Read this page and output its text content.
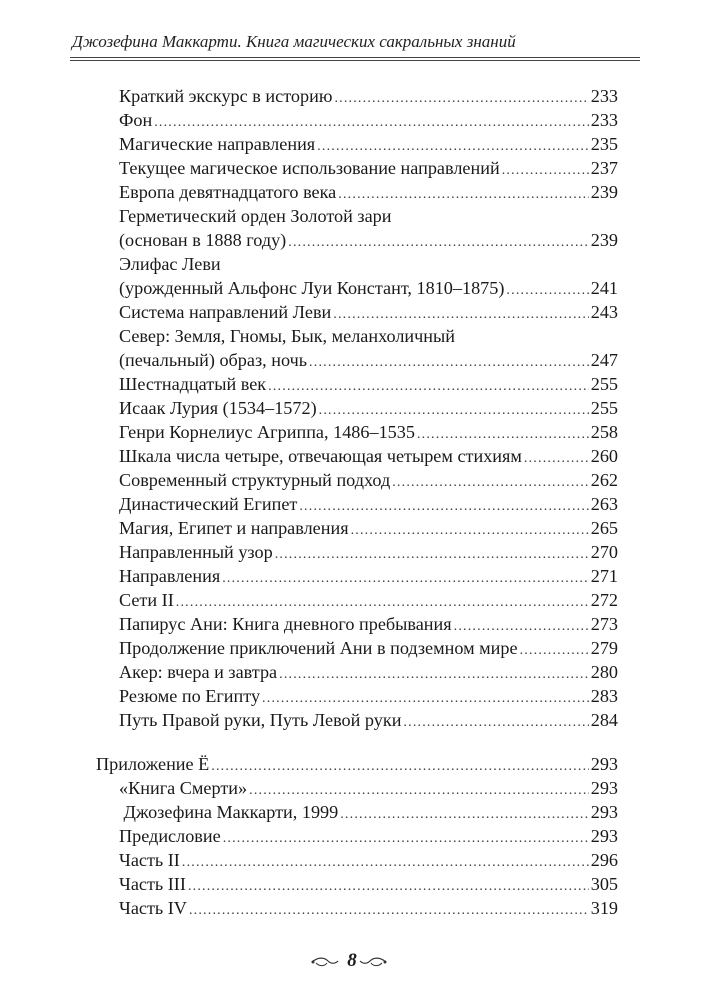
Джозефина Маккарти. Книга магических сакральных знаний
Краткий экскурс в историю .....	233
Фон .....	233
Магические направления .....	235
Текущее магическое использование направлений .....	237
Европа девятнадцатого века .....	239
Герметический орден Золотой зари
(основан в 1888 году) .....	239
Элифас Леви
(урожденный Альфонс Луи Констант, 1810–1875) .....	241
Система направлений Леви .....	243
Север: Земля, Гномы, Бык, меланхоличный
(печальный) образ, ночь .....	247
Шестнадцатый век .....	255
Исаак Лурия (1534–1572) .....	255
Генри Корнелиус Агриппа, 1486–1535 .....	258
Шкала числа четыре, отвечающая четырем стихиям .....	260
Современный структурный подход .....	262
Династический Египет .....	263
Магия, Египет и направления .....	265
Направленный узор .....	270
Направления .....	271
Сети II .....	272
Папирус Ани: Книга дневного пребывания .....	273
Продолжение приключений Ани в подземном мире .....	279
Акер: вчера и завтра .....	280
Резюме по Египту .....	283
Путь Правой руки, Путь Левой руки .....	284
Приложение Ё .....	293
«Книга Смерти» .....	293
Джозефина Маккарти, 1999 .....	293
Предисловие .....	293
Часть II .....	296
Часть III .....	305
Часть IV .....	319
8
